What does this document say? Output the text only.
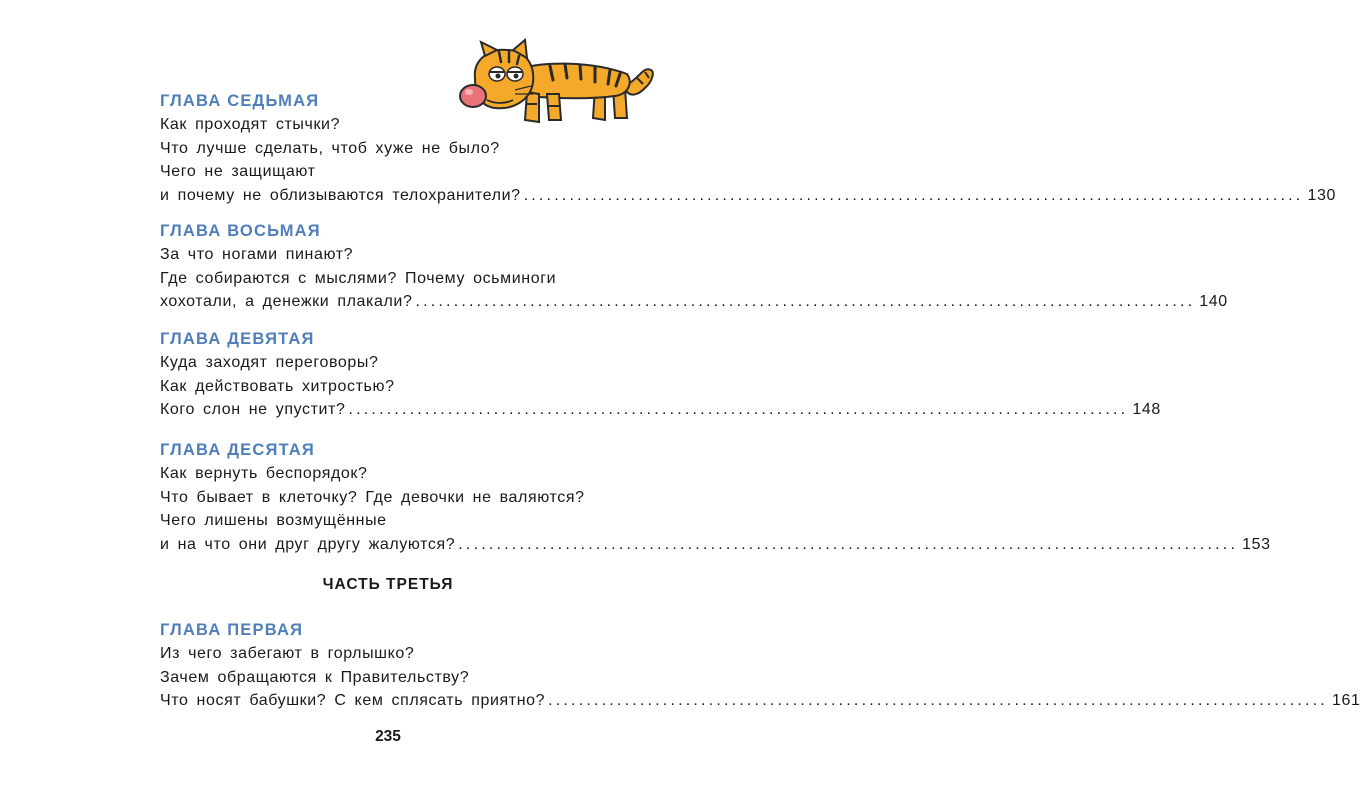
ГЛАВА СЕДЬМАЯ
Как проходят стычки?
Что лучше сделать, чтоб хуже не было?
Чего не защищают
и почему не облизываются телохранители? ...................................................................................................... 130
ГЛАВА ВОСЬМАЯ
За что ногами пинают?
Где собираются с мыслями? Почему осьминоги
хохотали, а денежки плакали? ...................................................................................................... 140
ГЛАВА ДЕВЯТАЯ
Куда заходят переговоры?
Как действовать хитростью?
Кого слон не упустит? ...................................................................................................... 148
ГЛАВА ДЕСЯТАЯ
Как вернуть беспорядок?
Что бывает в клеточку? Где девочки не валяются?
Чего лишены возмущённые
и на что они друг другу жалуются? ...................................................................................................... 153
ЧАСТЬ ТРЕТЬЯ
ГЛАВА ПЕРВАЯ
Из чего забегают в горлышко?
Зачем обращаются к Правительству?
Что носят бабушки? С кем сплясать приятно? ...................................................................................................... 161
235
